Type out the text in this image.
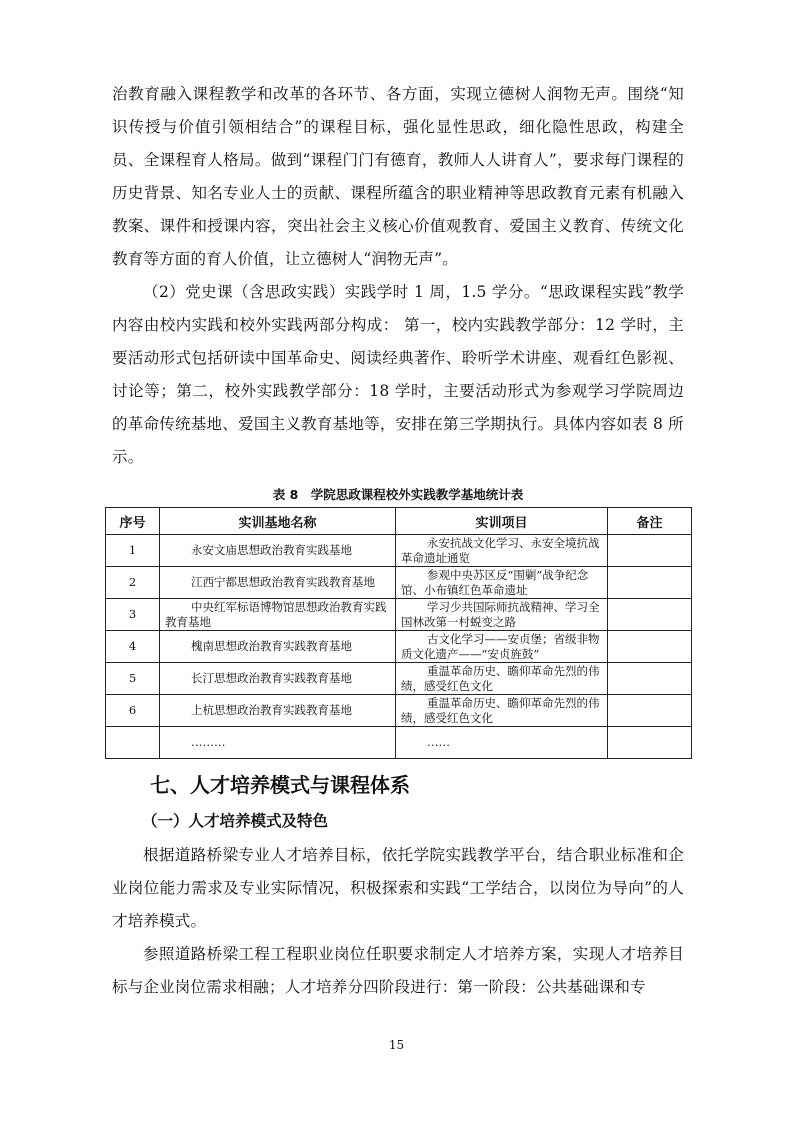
治教育融入课程教学和改革的各环节、各方面，实现立德树人润物无声。围绕“知识传授与价值引领相结合”的课程目标，强化显性思政，细化隐性思政，构建全员、全课程育人格局。做到“课程门门有德育，教师人人讲育人”，要求每门课程的历史背景、知名专业人士的贡献、课程所蕴含的职业精神等思政教育元素有机融入教案、课件和授课内容，突出社会主义核心价值观教育、爱国主义教育、传统文化教育等方面的育人价值，让立德树人“润物无声”。

（2）党史课（含思政实践）实践学时 1 周，1.5 学分。“思政课程实践”教学内容由校内实践和校外实践两部分构成： 第一，校内实践教学部分：12 学时，主要活动形式包括研读中国革命史、阅读经典著作、聆听学术讲座、观看红色影视、讨论等；第二，校外实践教学部分：18 学时，主要活动形式为参观学习学院周边的革命传统基地、爱国主义教育基地等，安排在第三学期执行。具体内容如表 8 所示。

表 8　学院思政课程校外实践教学基地统计表
序号	实训基地名称	实训项目	备注
1	永安文庙思想政治教育实践基地	永安抗战文化学习、永安全境抗战革命遗址通览	
2	江西宁都思想政治教育实践教育基地	参观中央苏区反“围剿”战争纪念馆、小布镇红色革命遗址	
3	中央红军标语博物馆思想政治教育实践教育基地	学习少共国际师抗战精神、学习全国林改第一村蜕变之路	
4	槐南思想政治教育实践教育基地	古文化学习——安贞堡；省级非物质文化遗产——“安贞旌鼓”	
5	长汀思想政治教育实践教育基地	重温革命历史、瞻仰革命先烈的伟绩，感受红色文化	
6	上杭思想政治教育实践教育基地	重温革命历史、瞻仰革命先烈的伟绩，感受红色文化	
	………	……	
七、人才培养模式与课程体系
（一）人才培养模式及特色

根据道路桥梁专业人才培养目标，依托学院实践教学平台，结合职业标准和企业岗位能力需求及专业实际情况，积极探索和实践“工学结合，以岗位为导向”的人才培养模式。

参照道路桥梁工程工程职业岗位任职要求制定人才培养方案，实现人才培养目标与企业岗位需求相融；人才培养分四阶段进行：第一阶段：公共基础课和专

15
